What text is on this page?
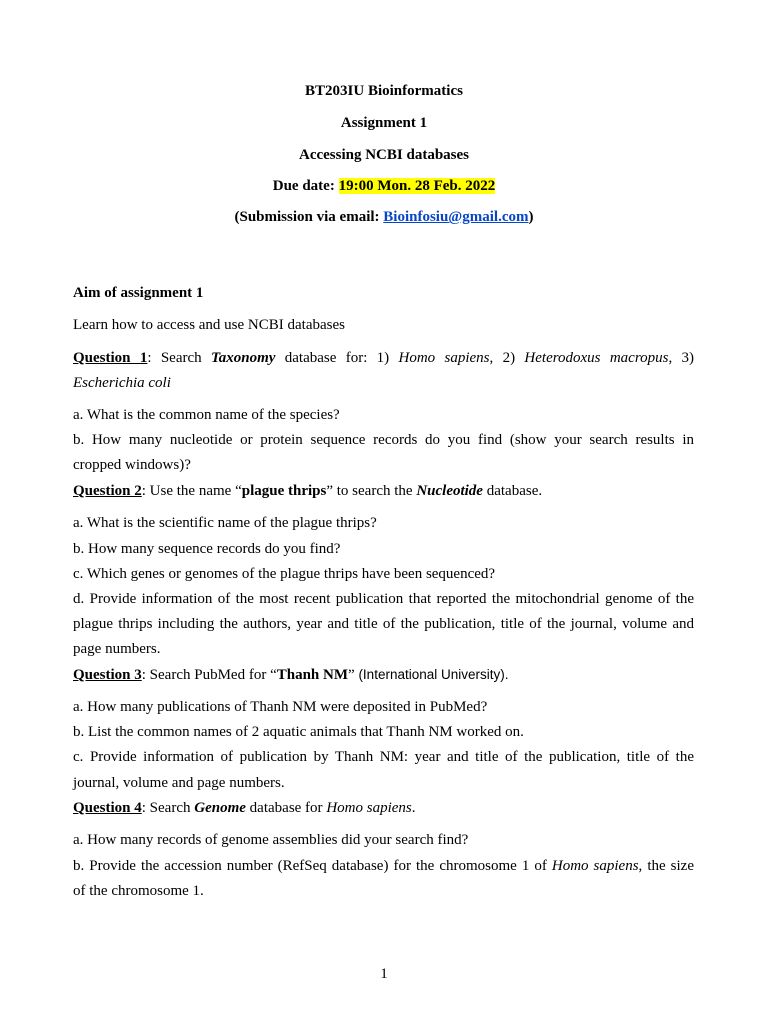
BT203IU Bioinformatics
Assignment 1
Accessing NCBI databases
Due date: 19:00 Mon. 28 Feb. 2022
(Submission via email: Bioinfosiu@gmail.com)
Aim of assignment 1
Learn how to access and use NCBI databases
Question 1: Search Taxonomy database for: 1) Homo sapiens, 2) Heterodoxus macropus, 3)
Escherichia coli
a. What is the common name of the species?
b. How many nucleotide or protein sequence records do you find (show your search results in
cropped windows)?
Question 2: Use the name “plague thrips” to search the Nucleotide database.
a. What is the scientific name of the plague thrips?
b. How many sequence records do you find?
c. Which genes or genomes of the plague thrips have been sequenced?
d. Provide information of the most recent publication that reported the mitochondrial genome of the
plague thrips including the authors, year and title of the publication, title of the journal, volume and
page numbers.
Question 3: Search PubMed for “Thanh NM” (International University).
a. How many publications of Thanh NM were deposited in PubMed?
b. List the common names of 2 aquatic animals that Thanh NM worked on.
c. Provide information of publication by Thanh NM: year and title of the publication, title of the
journal, volume and page numbers.
Question 4: Search Genome database for Homo sapiens.
a. How many records of genome assemblies did your search find?
b. Provide the accession number (RefSeq database) for the chromosome 1 of Homo sapiens, the size
of the chromosome 1.
1
